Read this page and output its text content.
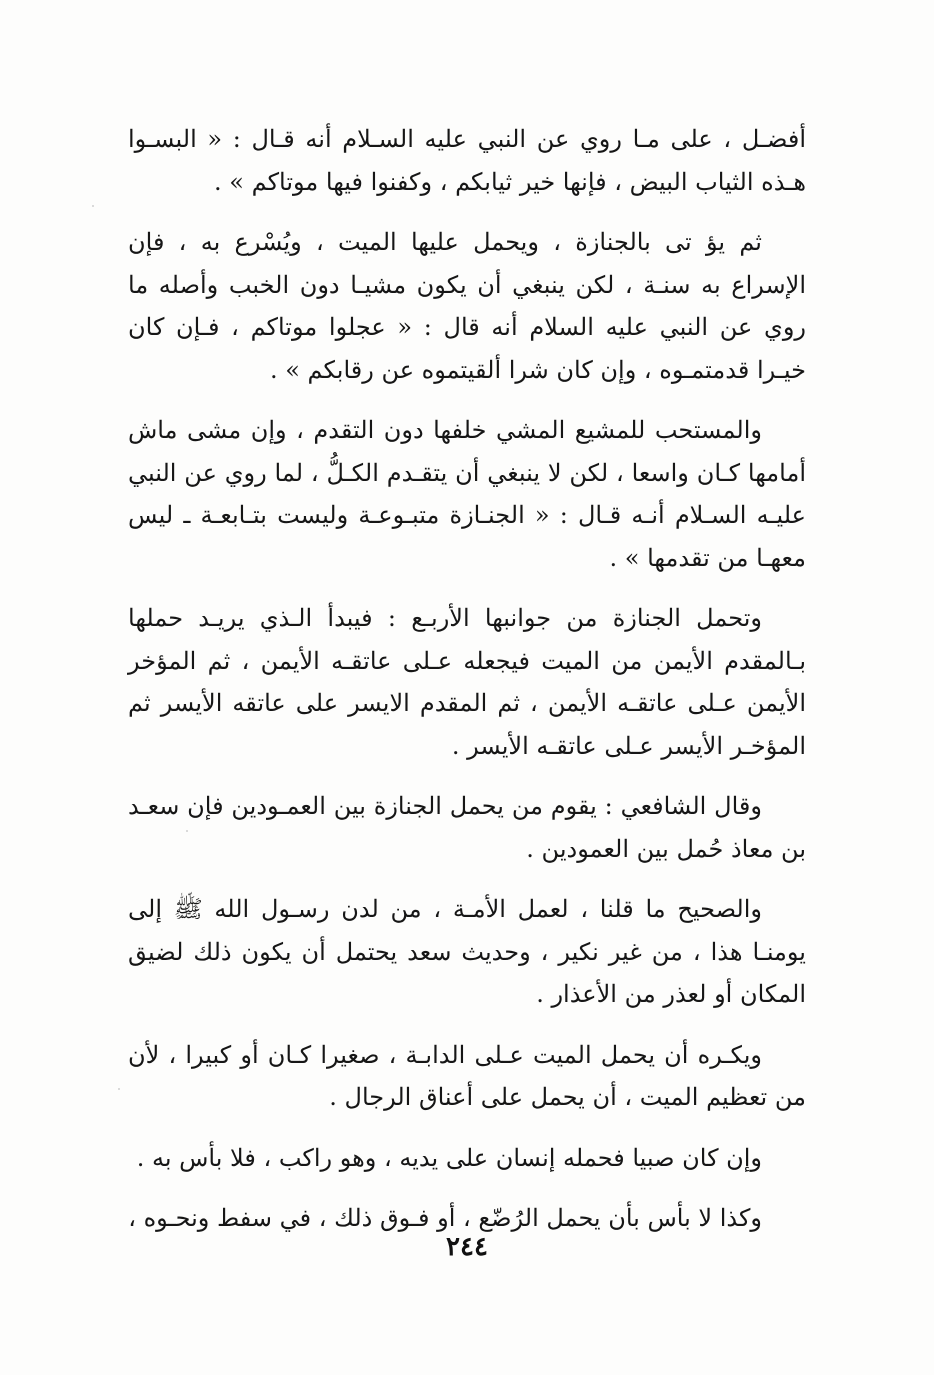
أفضـل ، على مـا روي عن النبي عليه السـلام أنه قـال : « البسـوا هـذه الثياب البيض ، فإنها خير ثيابكم ، وكفنوا فيها موتاكم » .

ثم يؤ تى بالجنازة ، ويحمل عليها الميت ، ويُسْرع به ، فإن الإسراع به سنـة ، لكن ينبغي أن يكون مشيـا دون الخبب وأصله ما روي عن النبي عليه السلام أنه قال : « عجلوا موتاكم ، فـإن كان خيـرا قدمتمـوه ، وإن كان شرا ألقيتموه عن رقابكم » .

والمستحب للمشيع المشي خلفها دون التقدم ، وإن مشى ماش أمامها كـان واسعا ، لكن لا ينبغي أن يتقـدم الكـلُّ ، لما روي عن النبي عليـه السـلام أنـه قـال : « الجنـازة متبـوعـة وليست بتـابعـة ـ ليس معهـا من تقدمها » .

وتحمل الجنازة من جوانبها الأربـع : فيبدأ الـذي يريـد حملها بـالمقدم الأيمن من الميت فيجعله عـلى عاتقـه الأيمن ، ثم المؤخر الأيمن عـلى عاتقـه الأيمن ، ثم المقدم الايسر على عاتقه الأيسر ثم المؤخـر الأيسر عـلى عاتقـه الأيسر .

وقال الشافعي : يقوم من يحمل الجنازة بين العمـودين فإن سعـد بن معاذ حُمل بين العمودين .

والصحيح ما قلنا ، لعمل الأمـة ، من لدن رسـول الله ﷺ إلى يومنـا هذا ، من غير نكير ، وحديث سعد يحتمل أن يكون ذلك لضيق المكان أو لعذر من الأعذار .

ويكـره أن يحمل الميت عـلى الدابـة ، صغيرا كـان أو كبيرا ، لأن من تعظيم الميت ، أن يحمل على أعناق الرجال .

وإن كان صبيا فحمله إنسان على يديه ، وهو راكب ، فلا بأس به .

وكذا لا بأس بأن يحمل الرُضّع ، أو فـوق ذلك ، في سفط ونحـوه ،

٢٤٤
